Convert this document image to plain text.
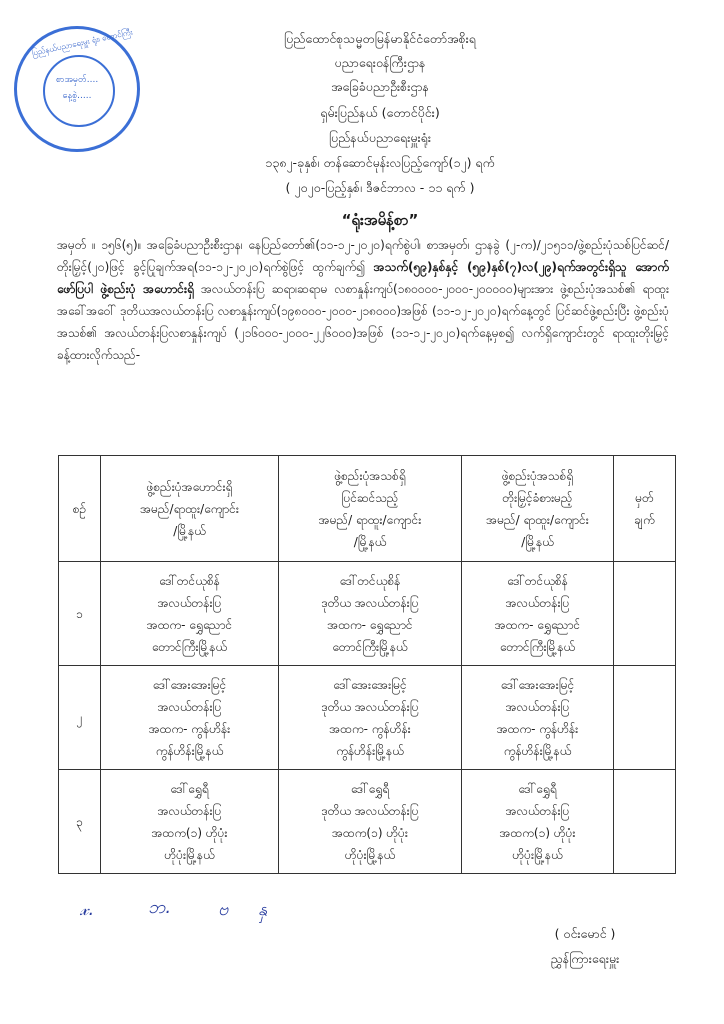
ပြည်နယ်ပညာရေးမှူး ရုံး၊ တောင်ကြီး
စာအမှတ်....
နေ့စွဲ.....
ပြည်ထောင်စုသမ္မတမြန်မာနိုင်ငံတော်အစိုးရ
ပညာရေး၀န်ကြီးဌာန
အခြေခံပညာဦးစီးဌာန
ရှမ်းပြည်နယ် (တောင်ပိုင်း)
ပြည်နယ်ပညာရေးမှူးရုံး
၁၃၈၂-ခုနှစ်၊ တန်ဆောင်မုန်းလပြည့်ကျော်(၁၂) ရက်
( ၂၀၂၀-ပြည့်နှစ်၊ ဒီဇင်ဘာလ - ၁၁ ရက် )
“ရုံးအမိန့်စာ”
အမှတ် ။ ၁၅၆(၅)။ အခြေခံပညာဦးစီးဌာန၊ နေပြည်တော်၏(၁၁-၁၂-၂၀၂၀)ရက်စွဲပါ၊ စာအမှတ်၊ ဌာနခွဲ (၂-က)/၂၁၅၁၁/ဖွဲ့စည်းပုံသစ်ပြင်ဆင်/တိုးမြှင့်(၂၀)ဖြင့် ခွင့်ပြုချက်အရ(၁၁-၁၂-၂၀၂၀)ရက်စွဲဖြင့် ထွက်ချက်၍ အသက်(၅၉)နှစ်နှင့် (၅၉)နှစ်(၇)လ(၂၉)ရက်အတွင်းရှိသူ အောက်ဖော်ပြပါ ဖွဲ့စည်းပုံ အဟောင်းရှိ အလယ်တန်းပြ ဆရာ၊ဆရာမ လစာနှုန်းကျပ်(၁၈၀၀၀၀-၂၀၀၀-၂၀၀၀၀၀)များအား ဖွဲ့စည်းပုံအသစ်၏ ရာထူးအခေါ်အဝေါ် ဒုတိယအလယ်တန်းပြ လစာနှုန်းကျပ်(၁၉၈၀၀၀-၂၀၀၀-၂၁၈၀၀၀)အဖြစ် (၁၁-၁၂-၂၀၂၀)ရက်နေ့တွင် ပြင်ဆင်ဖွဲ့စည်းပြီး ဖွဲ့စည်းပုံအသစ်၏ အလယ်တန်းပြလစာနှုန်းကျပ် (၂၁၆၀၀၀-၂၀၀၀-၂၂၆၀၀၀)အဖြစ် (၁၁-၁၂-၂၀၂၀)ရက်နေ့မှစ၍ လက်ရှိကျောင်းတွင် ရာထူးတိုးမြှင့် ခန့်ထားလိုက်သည်-
စဉ်	ဖွဲ့စည်းပုံအဟောင်းရှိ
အမည်/ရာထူး/ကျောင်း
/မြို့နယ်	ဖွဲ့စည်းပုံအသစ်ရှိ
ပြင်ဆင်သည့်
အမည်/ ရာထူး/ကျောင်း
/မြို့နယ်	ဖွဲ့စည်းပုံအသစ်ရှိ
တိုးမြှင့်ခံစားမည့်
အမည်/ ရာထူး/ကျောင်း
/မြို့နယ်	မှတ်
ချက်

၁	ဒေါ်တင်ယုစိန်
အလယ်တန်းပြ
အထက- ရွှေညောင်
တောင်ကြီးမြို့နယ်	ဒေါ်တင်ယုစိန်
ဒုတိယ အလယ်တန်းပြ
အထက- ရွှေညောင်
တောင်ကြီးမြို့နယ်	ဒေါ်တင်ယုစိန်
အလယ်တန်းပြ
အထက- ရွှေညောင်
တောင်ကြီးမြို့နယ်	

၂	ဒေါ်အေးအေးမြင့်
အလယ်တန်းပြ
အထက- ကွန်ဟိန်း
ကွန်ဟိန်းမြို့နယ်	ဒေါ်အေးအေးမြင့်
ဒုတိယ အလယ်တန်းပြ
အထက- ကွန်ဟိန်း
ကွန်ဟိန်းမြို့နယ်	ဒေါ်အေးအေးမြင့်
အလယ်တန်းပြ
အထက- ကွန်ဟိန်း
ကွန်ဟိန်းမြို့နယ်	

၃	ဒေါ်ရွှေရီ
အလယ်တန်းပြ
အထက(၁) ဟိုပုံး
ဟိုပုံးမြို့နယ်	ဒေါ်ရွှေရီ
ဒုတိယ အလယ်တန်းပြ
အထက(၁) ဟိုပုံး
ဟိုပုံးမြို့နယ်	ဒေါ်ရွှေရီ
အလယ်တန်းပြ
အထက(၁) ဟိုပုံး
ဟိုပုံးမြို့နယ်	

𝓍.	ဘ.	ဗ နှ
( ဝင်းမောင် )
ညွှန်ကြားရေးမှူး
